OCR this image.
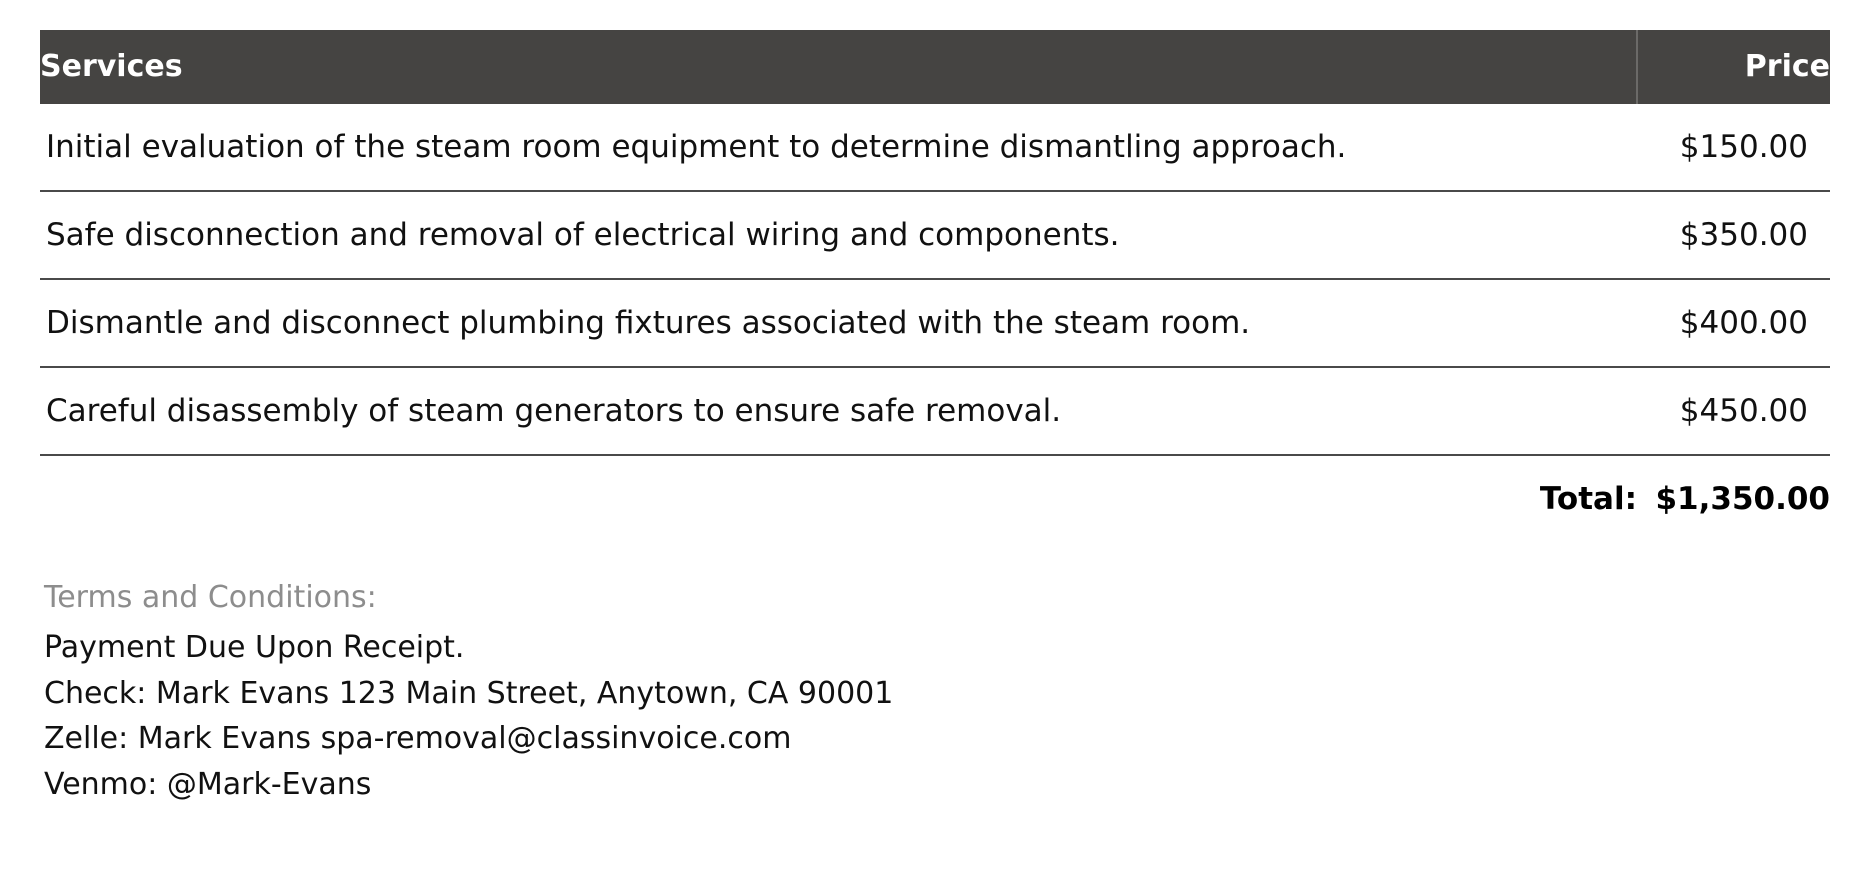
Services	Price
Initial evaluation of the steam room equipment to determine dismantling approach.	$150.00
Safe disconnection and removal of electrical wiring and components.	$350.00
Dismantle and disconnect plumbing fixtures associated with the steam room.	$400.00
Careful disassembly of steam generators to ensure safe removal.	$450.00
Total:	$1,350.00
Terms and Conditions:
Payment Due Upon Receipt.
Check: Mark Evans 123 Main Street, Anytown, CA 90001
Zelle: Mark Evans spa-removal@classinvoice.com
Venmo: @Mark-Evans
